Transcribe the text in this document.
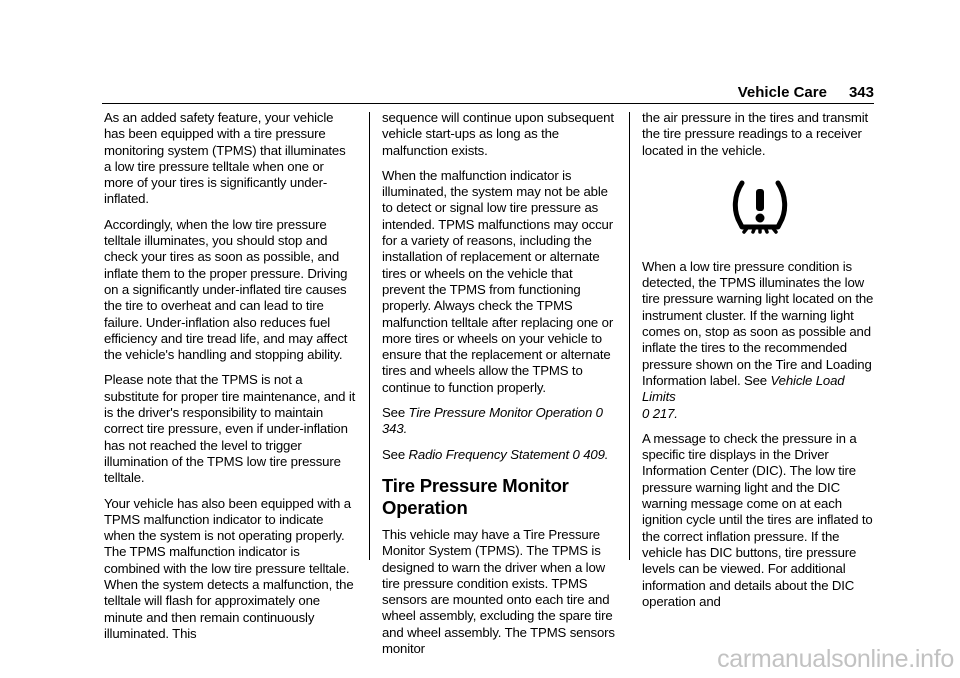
Vehicle Care 343

As an added safety feature, your vehicle has been equipped with a tire pressure monitoring system (TPMS) that illuminates a low tire pressure telltale when one or more of your tires is significantly under-inflated.

Accordingly, when the low tire pressure telltale illuminates, you should stop and check your tires as soon as possible, and inflate them to the proper pressure. Driving on a significantly under-inflated tire causes the tire to overheat and can lead to tire failure. Under-inflation also reduces fuel efficiency and tire tread life, and may affect the vehicle's handling and stopping ability.

Please note that the TPMS is not a substitute for proper tire maintenance, and it is the driver's responsibility to maintain correct tire pressure, even if under-inflation has not reached the level to trigger illumination of the TPMS low tire pressure telltale.

Your vehicle has also been equipped with a TPMS malfunction indicator to indicate when the system is not operating properly. The TPMS malfunction indicator is combined with the low tire pressure telltale. When the system detects a malfunction, the telltale will flash for approximately one minute and then remain continuously illuminated. This

sequence will continue upon subsequent vehicle start-ups as long as the malfunction exists.

When the malfunction indicator is illuminated, the system may not be able to detect or signal low tire pressure as intended. TPMS malfunctions may occur for a variety of reasons, including the installation of replacement or alternate tires or wheels on the vehicle that prevent the TPMS from functioning properly. Always check the TPMS malfunction telltale after replacing one or more tires or wheels on your vehicle to ensure that the replacement or alternate tires and wheels allow the TPMS to continue to function properly.

See Tire Pressure Monitor Operation 0 343.

See Radio Frequency Statement 0 409.

Tire Pressure Monitor Operation

This vehicle may have a Tire Pressure Monitor System (TPMS). The TPMS is designed to warn the driver when a low tire pressure condition exists. TPMS sensors are mounted onto each tire and wheel assembly, excluding the spare tire and wheel assembly. The TPMS sensors monitor

the air pressure in the tires and transmit the tire pressure readings to a receiver located in the vehicle.

When a low tire pressure condition is detected, the TPMS illuminates the low tire pressure warning light located on the instrument cluster. If the warning light comes on, stop as soon as possible and inflate the tires to the recommended pressure shown on the Tire and Loading Information label. See Vehicle Load Limits
0 217.

A message to check the pressure in a specific tire displays in the Driver Information Center (DIC). The low tire pressure warning light and the DIC warning message come on at each ignition cycle until the tires are inflated to the correct inflation pressure. If the vehicle has DIC buttons, tire pressure levels can be viewed. For additional information and details about the DIC operation and

carmanualsonline.info
